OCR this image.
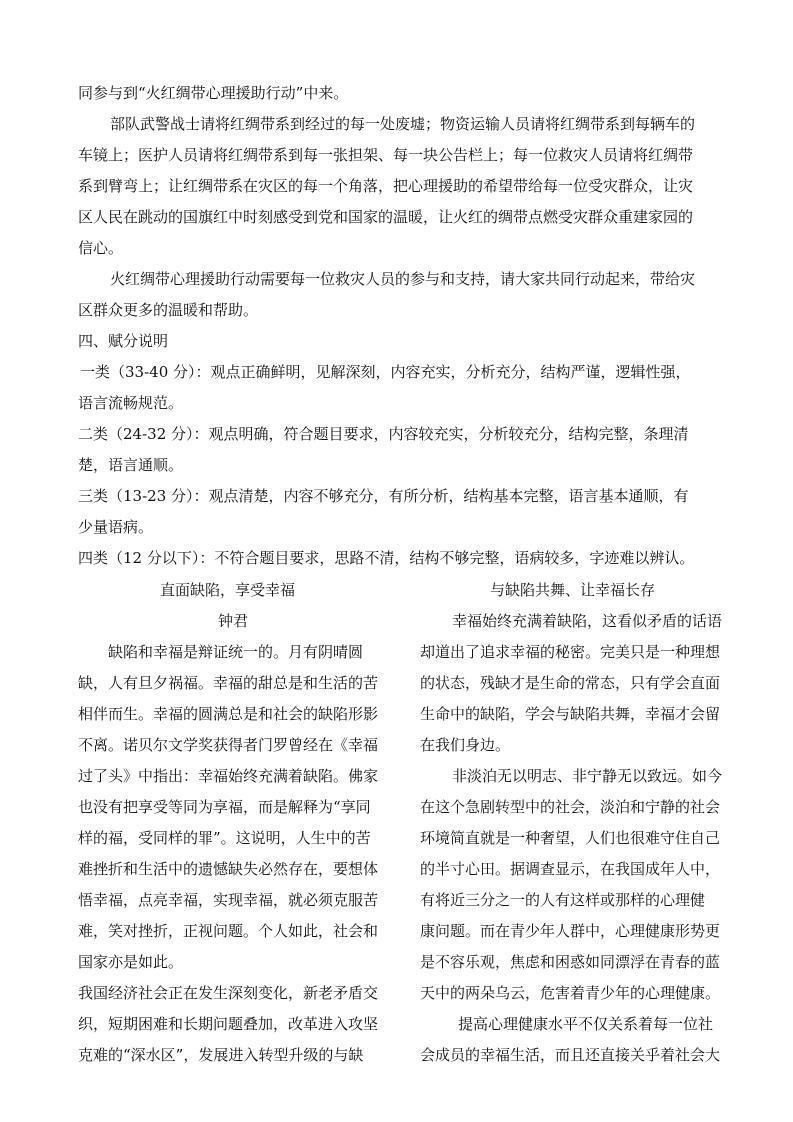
同参与到“火红绸带心理援助行动”中来。
部队武警战士请将红绸带系到经过的每一处废墟；物资运输人员请将红绸带系到每辆车的
车镜上；医护人员请将红绸带系到每一张担架、每一块公告栏上；每一位救灾人员请将红绸带
系到臂弯上；让红绸带系在灾区的每一个角落，把心理援助的希望带给每一位受灾群众，让灾
区人民在跳动的国旗红中时刻感受到党和国家的温暖，让火红的绸带点燃受灾群众重建家园的
信心。
火红绸带心理援助行动需要每一位救灾人员的参与和支持，请大家共同行动起来，带给灾
区群众更多的温暖和帮助。
四、赋分说明
一类（33-40 分）：观点正确鲜明，见解深刻，内容充实，分析充分，结构严谨，逻辑性强，
语言流畅规范。
二类（24-32 分）：观点明确，符合题目要求，内容较充实，分析较充分，结构完整，条理清
楚，语言通顺。
三类（13-23 分）：观点清楚，内容不够充分，有所分析，结构基本完整，语言基本通顺，有
少量语病。
四类（12 分以下）：不符合题目要求，思路不清，结构不够完整，语病较多，字迹难以辨认。
直面缺陷，享受幸福
钟君
缺陷和幸福是辩证统一的。月有阴晴圆
缺，人有旦夕祸福。幸福的甜总是和生活的苦
相伴而生。幸福的圆满总是和社会的缺陷形影
不离。诺贝尔文学奖获得者门罗曾经在《幸福
过了头》中指出：幸福始终充满着缺陷。佛家
也没有把享受等同为享福，而是解释为“享同
样的福，受同样的罪”。这说明，人生中的苦
难挫折和生活中的遗憾缺失必然存在，要想体
悟幸福，点亮幸福，实现幸福，就必须克服苦
难，笑对挫折，正视问题。个人如此，社会和
国家亦是如此。
我国经济社会正在发生深刻变化，新老矛盾交
织，短期困难和长期问题叠加，改革进入攻坚
克难的“深水区”，发展进入转型升级的与缺
与缺陷共舞、让幸福长存
幸福始终充满着缺陷，这看似矛盾的话语
却道出了追求幸福的秘密。完美只是一种理想
的状态，残缺才是生命的常态，只有学会直面
生命中的缺陷，学会与缺陷共舞，幸福才会留
在我们身边。
非淡泊无以明志、非宁静无以致远。如今
在这个急剧转型中的社会，淡泊和宁静的社会
环境简直就是一种奢望，人们也很难守住自己
的半寸心田。据调查显示，在我国成年人中，
有将近三分之一的人有这样或那样的心理健
康问题。而在青少年人群中，心理健康形势更
是不容乐观，焦虑和困惑如同漂浮在青春的蓝
天中的两朵乌云，危害着青少年的心理健康。
提高心理健康水平不仅关系着每一位社
会成员的幸福生活，而且还直接关乎着社会大
